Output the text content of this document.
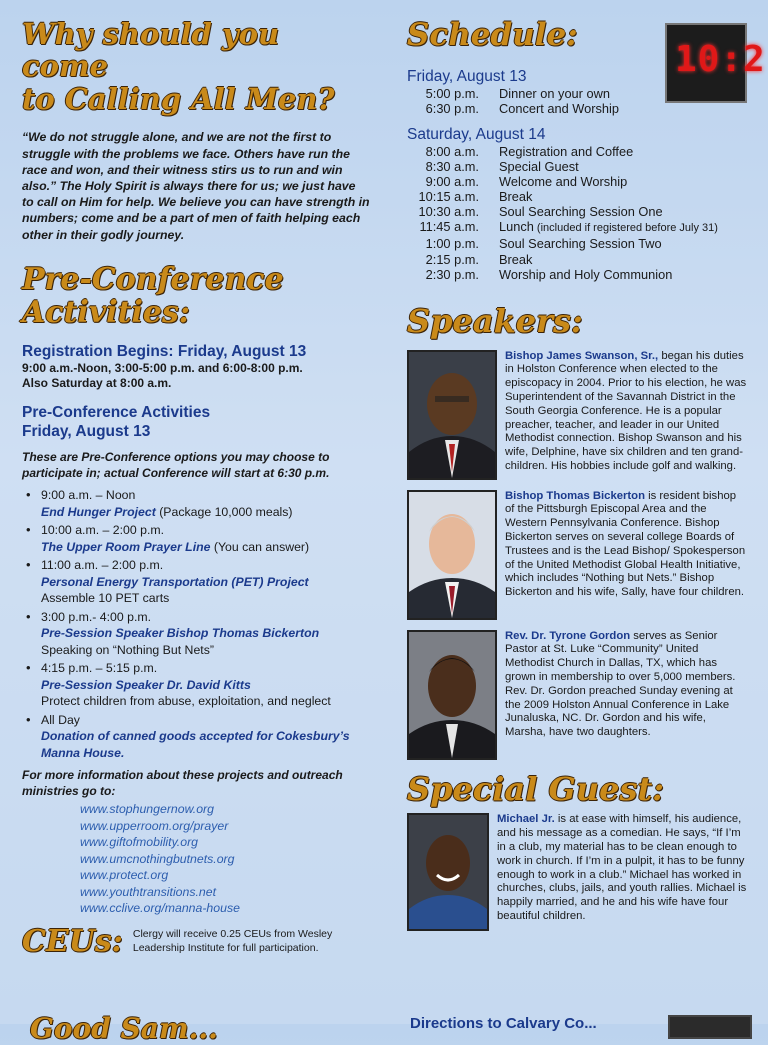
Why should you come
to Calling All Men?

“We do not struggle alone, and we are not the first to struggle with the problems we face. Others have run the race and won, and their witness stirs us to run and win also.” The Holy Spirit is always there for us; we just have to call on Him for help. We believe you can have strength in numbers; come and be a part of men of faith helping each other in their godly journey.

Pre-Conference
Activities:

Registration Begins: Friday, August 13

9:00 a.m.-Noon, 3:00-5:00 p.m. and 6:00-8:00 p.m.

Also Saturday at 8:00 a.m.

Pre-Conference Activities

Friday, August 13

These are Pre-Conference options you may choose to participate in; actual Conference will start at 6:30 p.m.

• 9:00 a.m. – Noon
End Hunger Project (Package 10,000 meals)
• 10:00 a.m. – 2:00 p.m.
The Upper Room Prayer Line (You can answer)
• 11:00 a.m. – 2:00 p.m.
Personal Energy Transportation (PET) Project
Assemble 10 PET carts
• 3:00 p.m.- 4:00 p.m.
Pre-Session Speaker Bishop Thomas Bickerton
Speaking on “Nothing But Nets”
• 4:15 p.m. – 5:15 p.m.
Pre-Session Speaker Dr. David Kitts
Protect children from abuse, exploitation, and neglect
• All Day
Donation of canned goods accepted for Cokesbury’s Manna House.

For more information about these projects and outreach ministries go to:

www.stophungernow.org
www.upperroom.org/prayer
www.giftofmobility.org
www.umcnothingbutnets.org
www.protect.org
www.youthtransitions.net
www.cclive.org/manna-house
CEUs: Clergy will receive 0.25 CEUs from Wesley
Leadership Institute for full participation.
Good Sam...
Schedule:
10:2

Friday, August 13

5:00 p.m.	Dinner on your own
6:30 p.m.	Concert and Worship

Saturday, August 14

8:00 a.m.	Registration and Coffee
8:30 a.m.	Special Guest
9:00 a.m.	Welcome and Worship
10:15 a.m.	Break
10:30 a.m.	Soul Searching Session One
11:45 a.m.	Lunch (included if registered before July 31)
1:00 p.m.	Soul Searching Session Two
2:15 p.m.	Break
2:30 p.m.	Worship and Holy Communion
Speakers:
Bishop James Swanson, Sr., began his duties in Holston Conference when elected to the episcopacy in 2004. Prior to his election, he was Superintendent of the Savannah District in the South Georgia Conference. He is a popular preacher, teacher, and leader in our United Methodist connection. Bishop Swanson and his wife, Delphine, have six children and ten grand-children. His hobbies include golf and walking.
Bishop Thomas Bickerton is resident bishop of the Pittsburgh Episcopal Area and the Western Pennsylvania Conference. Bishop Bickerton serves on several college Boards of Trustees and is the Lead Bishop/ Spokesperson of the United Methodist Global Health Initiative, which includes “Nothing but Nets.” Bishop Bickerton and his wife, Sally, have four children.
Rev. Dr. Tyrone Gordon serves as Senior Pastor at St. Luke “Community” United Methodist Church in Dallas, TX, which has grown in membership to over 5,000 members. Rev. Dr. Gordon preached Sunday evening at the 2009 Holston Annual Conference in Lake Junaluska, NC. Dr. Gordon and his wife, Marsha, have two daughters.
Special Guest:
Michael Jr. is at ease with himself, his audience, and his message as a comedian. He says, “If I’m in a club, my material has to be clean enough to work in church. If I’m in a pulpit, it has to be funny enough to work in a club.” Michael has worked in churches, clubs, jails, and youth rallies. Michael is happily married, and he and his wife have four beautiful children.
Directions to Calvary Co...
